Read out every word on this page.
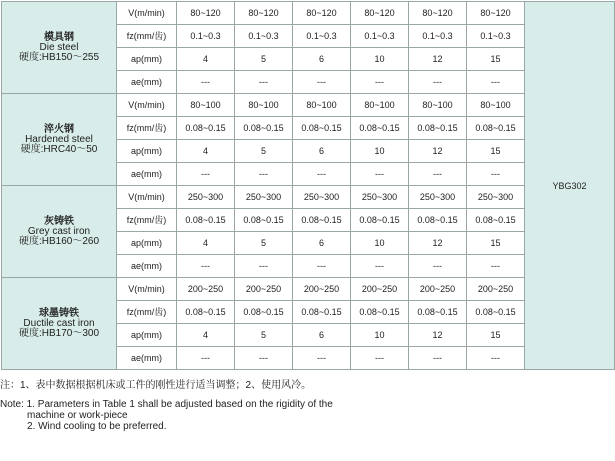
模具钢
Die steel
硬度:HB150～255	V(m/min)	80~120	80~120	80~120	80~120	80~120	80~120	YBG302
	fz(mm/齿)	0.1~0.3	0.1~0.3	0.1~0.3	0.1~0.3	0.1~0.3	0.1~0.3	
	ap(mm)	4	5	6	10	12	15	
	ae(mm)	---	---	---	---	---	---	

淬火钢
Hardened steel
硬度:HRC40～50	V(m/min)	80~100	80~100	80~100	80~100	80~100	80~100	
	fz(mm/齿)	0.08~0.15	0.08~0.15	0.08~0.15	0.08~0.15	0.08~0.15	0.08~0.15	
	ap(mm)	4	5	6	10	12	15	
	ae(mm)	---	---	---	---	---	---	

灰铸铁
Grey cast iron
硬度:HB160～260	V(m/min)	250~300	250~300	250~300	250~300	250~300	250~300	
	fz(mm/齿)	0.08~0.15	0.08~0.15	0.08~0.15	0.08~0.15	0.08~0.15	0.08~0.15	
	ap(mm)	4	5	6	10	12	15	
	ae(mm)	---	---	---	---	---	---	

球墨铸铁
Ductile cast iron
硬度:HB170～300	V(m/min)	200~250	200~250	200~250	200~250	200~250	200~250	
	fz(mm/齿)	0.08~0.15	0.08~0.15	0.08~0.15	0.08~0.15	0.08~0.15	0.08~0.15	
	ap(mm)	4	5	6	10	12	15	
	ae(mm)	---	---	---	---	---	---	
注：1、表中数据根据机床或工件的刚性进行适当调整；2、使用风冷。
Note: 1. Parameters in Table 1 shall be adjusted based on the rigidity of the
machine or work-piece
2. Wind cooling to be preferred.
